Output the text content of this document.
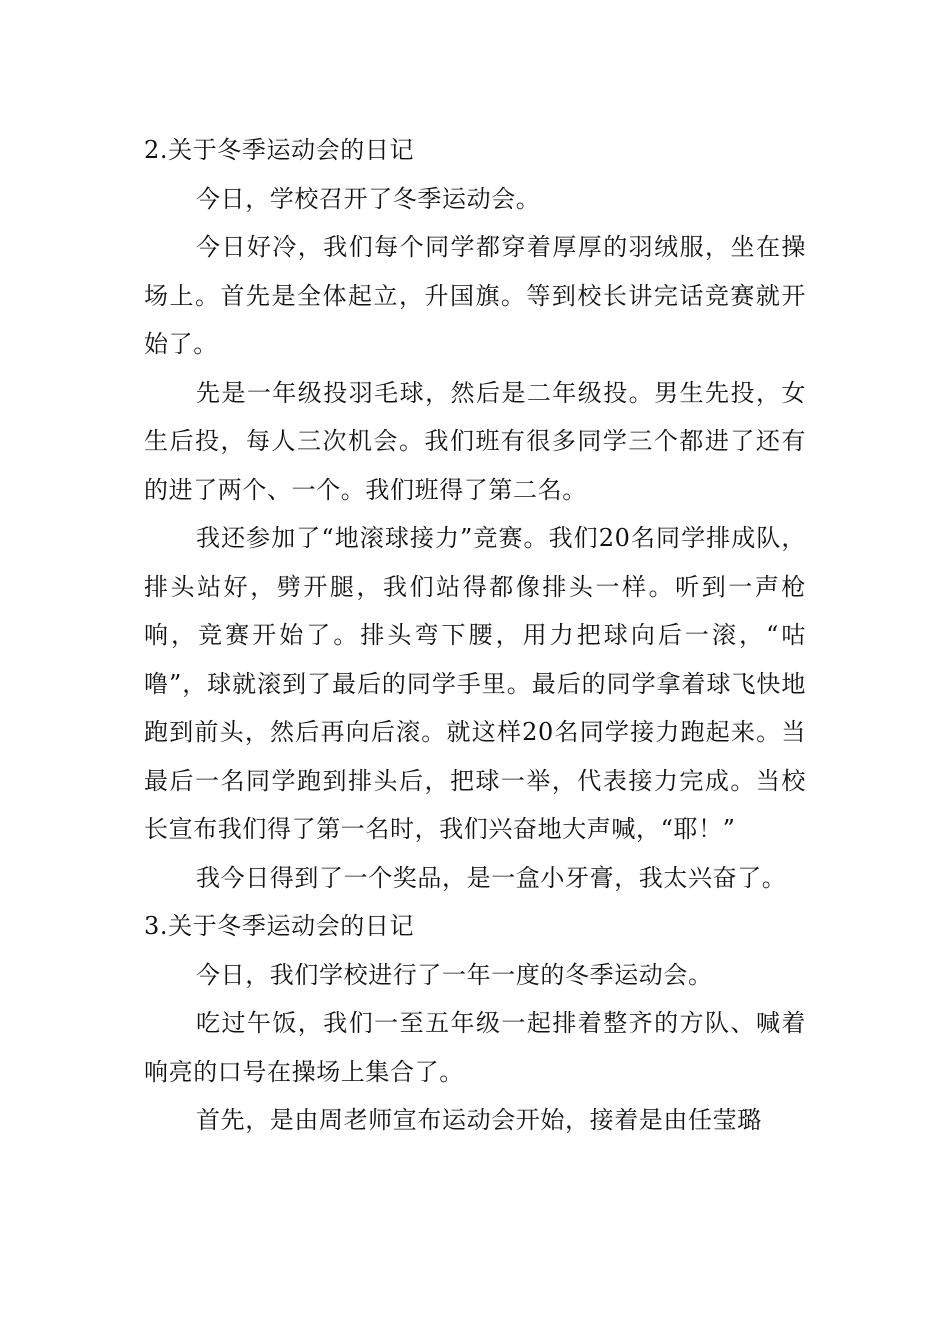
2.关于冬季运动会的日记

今日，学校召开了冬季运动会。

今日好冷，我们每个同学都穿着厚厚的羽绒服，坐在操场上。首先是全体起立，升国旗。等到校长讲完话竞赛就开始了。

先是一年级投羽毛球，然后是二年级投。男生先投，女生后投，每人三次机会。我们班有很多同学三个都进了还有的进了两个、一个。我们班得了第二名。

我还参加了“地滚球接力”竞赛。我们20名同学排成队，排头站好，劈开腿，我们站得都像排头一样。听到一声枪响，竞赛开始了。排头弯下腰，用力把球向后一滚，“咕噜”，球就滚到了最后的同学手里。最后的同学拿着球飞快地跑到前头，然后再向后滚。就这样20名同学接力跑起来。当最后一名同学跑到排头后，把球一举，代表接力完成。当校长宣布我们得了第一名时，我们兴奋地大声喊，“耶！”

我今日得到了一个奖品，是一盒小牙膏，我太兴奋了。

3.关于冬季运动会的日记

今日，我们学校进行了一年一度的冬季运动会。

吃过午饭，我们一至五年级一起排着整齐的方队、喊着响亮的口号在操场上集合了。

首先，是由周老师宣布运动会开始，接着是由任莹璐
